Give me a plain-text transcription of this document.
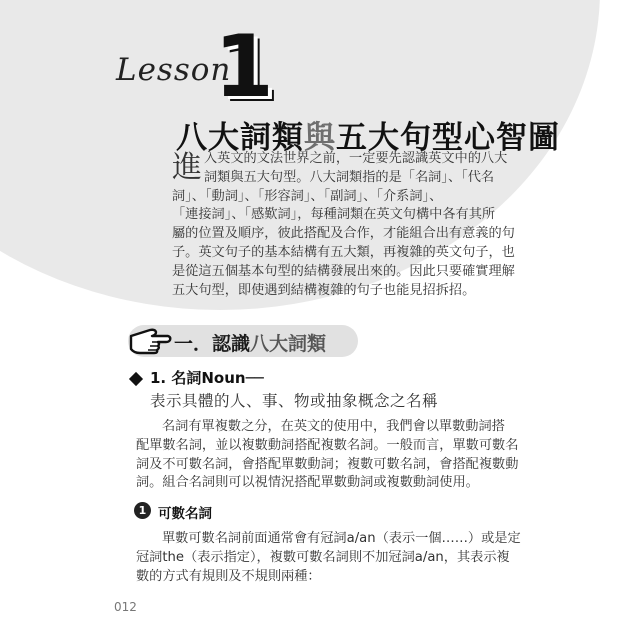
Lesson
1
八大詞類與五大句型心智圖
進 入英文的文法世界之前，一定要先認識英文中的八大
詞類與五大句型。八大詞類指的是「名詞」、「代名
詞」、「動詞」、「形容詞」、「副詞」、「介系詞」、
「連接詞」、「感歎詞」，每種詞類在英文句構中各有其所
屬的位置及順序，彼此搭配及合作，才能組合出有意義的句
子。英文句子的基本結構有五大類，再複雜的英文句子，也
是從這五個基本句型的結構發展出來的。因此只要確實理解
五大句型，即使遇到結構複雜的句子也能見招拆招。
一．認識八大詞類
1. 名詞Noun──
表示具體的人、事、物或抽象概念之名稱
名詞有單複數之分，在英文的使用中，我們會以單數動詞搭
配單數名詞，並以複數動詞搭配複數名詞。一般而言，單數可數名
詞及不可數名詞，會搭配單數動詞；複數可數名詞，會搭配複數動
詞。組合名詞則可以視情況搭配單數動詞或複數動詞使用。
1 可數名詞
單數可數名詞前面通常會有冠詞a/an（表示一個……）或是定
冠詞the（表示指定），複數可數名詞則不加冠詞a/an，其表示複
數的方式有規則及不規則兩種：
012
